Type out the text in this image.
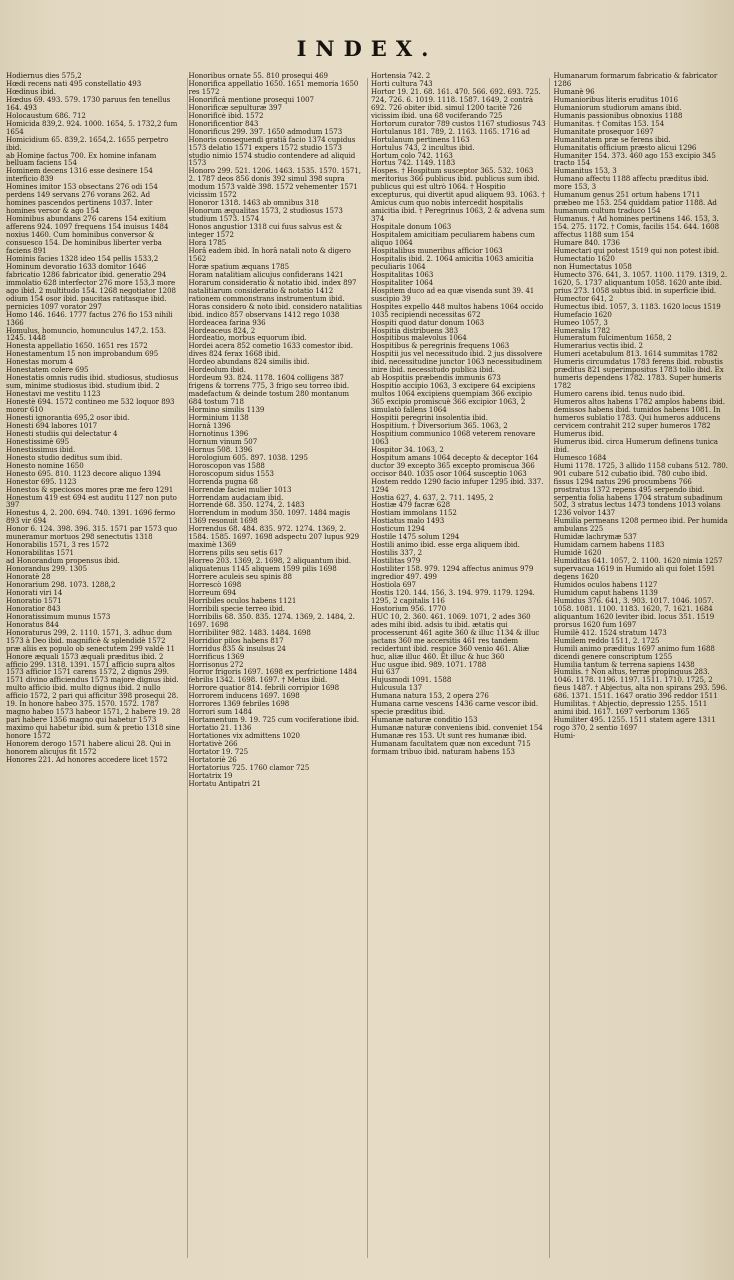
INDEX.
Hodiernus dies 575,2
Hœdi recens nati 495 constellatio 493
Hœdinus ibid.
Hœdus 69. 493. 579. 1730 paruus fen tenellus 164. 493
Holocaustum 686. 712
Homicida 839,2. 924. 1000. 1654, 5. 1732,2 fum 1654
Homicidium 65. 839,2. 1654,2. 1655 perpetro ibid.
ab Homine factus 700. Ex homine infanam belluam faciens 154
Hominem decens 1316 esse desinere 154 interficio 839
Homines imitor 153 obsectans 276 odi 154 perdens 149 servans 276 vorans 262. Ad homines pascendos pertinens 1037. Inter homines versor & ago 154
Hominibus abundans 276 carens 154 exitium afferens 924. 1097 frequens 154 inuisus 1484 noxius 1460. Cum hominibus conversor & consuesco 154. De hominibus liberter verba faciens 891
Hominis facies 1328 ideo 154 pellis 1533,2
Hominum devoratio 1633 domitor 1646 fabricatio 1286 fabricator ibid. generatio 294 immolatio 628 interfector 276 more 153,3 more ago ibid. 2 multitudo 154. 1268 negotiator 1208 odium 154 osor ibid. paucitas ratitasque ibid. pernicies 1097 vorator 297
Homo 146. 1646. 1777 factus 276 fio 153 nihili 1366
Homulus, homuncio, homunculus 147,2. 153. 1245. 1448
Honesta appellatio 1650. 1651 res 1572
Honestamentum 15 non improbandum 695
Honestas morum 4
Honestatem colere 695
Honestatis omnis rudis ibid. studiosus, studiosus sum, minime studiosus ibid. studium ibid. 2
Honestavi me vestitu 1123
Honestè 694. 1572 contineo me 532 loquor 893 moror 610
Honesti ignorantia 695,2 osor ibid.
Honesti 694 labores 1017
Honesti studiis qui delectatur 4
Honestissimè 695
Honestissimus ibid.
Honesto studio deditus sum ibid.
Honesto nomine 1650
Honesto 695. 810. 1123 decore aliquo 1394
Honestor 695. 1123
Honestos & speciosos mores præ me fero 1291
Honestum 419 est 694 est auditu 1127 non puto 397
Honestus 4, 2. 200. 694. 740. 1391. 1696 fermo 893 vir 694
Honor 6. 124. 398. 396. 315. 1571 par 1573 quo muneramur mortuos 298 senectutis 1318
Honorabilis 1571, 3 res 1572
Honorabilitas 1571
ad Honorandum propensus ibid.
Honorandus 299. 1305
Honoratè 28
Honorarium 298. 1073. 1288,2
Honorati viri 14
Honoratio 1571
Honoratior 843
Honoratissimum munus 1573
Honoratus 844
Honoraturus 299, 2. 1110. 1571, 3. adhuc dum 1573 à Deo ibid. magnificè & splendidè 1572 præ aliis ex populo ob senectutem 299 valdè 11
Honore æquali 1573 æquali præditus ibid. 2 afficio 299. 1318. 1391. 1571 afficio supra altos 1573 afficior 1571 carens 1572, 2 dignus 299. 1571 divino afficiendus 1573 majore dignus ibid. multo afficio ibid. multo dignus ibid. 2 nullo afficio 1572, 2 pari qui afficitur 398 prosequi 28. 19. In honore habeo 375. 1570. 1572. 1787 magno habeo 1573 habeor 1571, 2 habere 19. 28 pari habere 1356 magno qui habetur 1573 maximo qui habetur ibid. sum & pretio 1318 sine honore 1572
Honorem derogo 1571 habere alicui 28. Qui in honorem alicujus fit 1572
Honores 221. Ad honores accedere licet 1572
Honoribus ornate 55. 810 prosequi 469
Honorifica appellatio 1650. 1651 memoria 1650 res 1572
Honorificâ mentione prosequi 1007
Honorificæ sepulturæ 397
Honorificè ibid. 1572
Honorificentior 843
Honorificus 299. 397. 1650 admodum 1573
Honoris consequendi gratiâ facio 1374 cupidus 1573 delatio 1571 expers 1572 studio 1573 studio nimio 1574 studio contendere ad aliquid 1573
Honoro 299. 521. 1206. 1463. 1535. 1570. 1571, 2. 1787 deos 856 donis 392 simul 398 supra modum 1573 valdè 398. 1572 vehementer 1571 vicissim 1572
Honoror 1318. 1463 ab omnibus 318
Honorum æqualitas 1573, 2 studiosus 1573 studium 1573. 1574
Honos angustior 1318 cui fuus salvus est & integer 1572
Hora 1785
Horâ eadem ibid. In horâ natali noto & digero 1562
Horæ spatium æquans 1785
Horam natalitiam alicujus confiderans 1421
Horarum consideratio & notatio ibid. index 897 natalitiarum consideratio & notatio 1412 rationem commonstrans instrumentum ibid.
Horas considero & noto ibid. considero natalitias ibid. indico 857 observans 1412 rego 1038
Hordeacea farina 936
Hordeaceus 824, 2
Hordeatio, morbus equorum ibid.
Hordei acera 852 cometio 1633 comestor ibid. dives 824 ferax 1668 ibid.
Hordeo abundans 824 similis ibid.
Hordeolum ibid.
Hordeum 93. 824. 1178. 1604 colligens 387 frigens & torrens 775, 3 frigo seu torreo ibid. madefactum & deinde tostum 280 montanum 684 tostum 718
Hormino similis 1139
Horminium 1138
Hornâ 1396
Hornotinus 1396
Hornum vinum 507
Hornus 508. 1396
Horologium 605. 897. 1038. 1295
Horoscopon vas 1588
Horoscopum sidus 1553
Horrenda pugna 68
Horrendæ faciei mulier 1013
Horrendam audaciam ibid.
Horrendè 68. 350. 1274, 2. 1483
Horrendum in modum 350. 1097. 1484 magis 1369 resonuit 1698
Horrendus 68. 484. 835. 972. 1274. 1369, 2. 1584. 1585. 1697. 1698 adspectu 207 lupus 929 maximè 1369
Horrens pilis seu setis 617
Horreo 203. 1369, 2. 1698, 2 aliquantum ibid. aliquatenus 1145 aliquem 1599 pilis 1698
Horrere aculeis seu spinis 88
Horrescò 1698
Horreum 694
Horribiles oculos habens 1121
Horribili specie terreo ibid.
Horribilis 68. 350. 835. 1274. 1369, 2. 1484, 2. 1697. 1698
Horribiliter 982. 1483. 1484. 1698
Horridior pilos habens 817
Horridus 835 & insulsus 24
Horrificus 1369
Horrisonus 272
Horror frigoris 1697. 1698 ex perfrictione 1484 febrilis 1342. 1698. 1697. † Metus ibid.
Horrore quatior 814. febrili corripior 1698
Horrorem inducens 1697. 1698
Horrores 1369 febriles 1698
Horrori sum 1484
Hortamentum 9. 19. 725 cum vociferatione ibid.
Hortatio 21. 1136
Hortationes vix admittens 1020
Hortativè 266
Hortator 19. 725
Hortatoriè 26
Hortatorius 725. 1760 clamor 725
Hortatrix 19
Hortatu Antipatri 21
Hortensia 742. 2
Horti cultura 743
Hortor 19. 21. 68. 161. 470. 566. 692. 693. 725. 724, 726. 6. 1019. 1118. 1587. 1649, 2 contrà 692. 726 obiter ibid. simul 1200 tacitè 726 vicissim ibid. una 68 vociferando 725
Hortorum curator 789 custos 1167 studiosus 743
Hortulanus 181. 789, 2. 1163. 1165. 1716 ad Hortulanum pertinens 1163
Hortulus 743, 2 incultus ibid.
Hortum colo 742. 1163
Hortus 742. 1149. 1183
Hospes. † Hospitum susceptor 365. 532. 1063 meritorius 366 publicus ibid. publicus sum ibid. publicus qui est ultrò 1064. † Hospitio excepturus, qui divertit apud aliquem 93. 1063. † Amicus cum quo nobis intercedit hospitalis amicitia ibid. † Peregrinus 1063, 2 & advena sum 374
Hospitale donum 1063
Hospitalem amicitiam peculiarem habens cum aliquo 1064
Hospitalibus muneribus afficior 1063
Hospitalis ibid. 2. 1064 amicitia 1063 amicitia peculiaris 1064
Hospitalitas 1063
Hospitaliter 1064
Hospitem duco ad ea quæ visenda sunt 39. 41 suscipio 39
Hospites expello 448 multos habens 1064 occido 1035 recipiendi necessitas 672
Hospiti quod datur donum 1063
Hospitia distribuens 383
Hospitibus malevolus 1064
Hospitibus & peregrinis frequens 1063
Hospitii jus vel necessitudo ibid. 2 jus dissolvere ibid. necessitudine junctor 1063 necessitudinem inire ibid. necessitudo publica ibid.
ab Hospitiis præbendis immunis 673
Hospitio accipio 1063, 3 excipere 64 excipiens multos 1064 excipiens quempiam 366 excipio 365 excipio promiscuè 366 excipior 1063, 2 simulatò fallens 1064
Hospitii peregrini insolentia ibid.
Hospitium. † Diversorium 365. 1063, 2
Hospitium communico 1068 veterem renovare 1063
Hospitor 34. 1063, 2
Hospitum amans 1064 decepto & deceptor 164 ductor 39 excepto 365 excepto promiscua 366 occisor 840. 1035 osor 1064 susceptio 1063
Hostem reddo 1290 facio infuper 1295 ibid. 337. 1294
Hostia 627, 4. 637, 2. 711. 1495, 2
Hostiæ 479 facræ 628
Hostiam immolans 1152
Hostiatus malo 1493
Hosticum 1294
Hostile 1475 solum 1294
Hostili animo ibid. esse erga aliquem ibid.
Hostilis 337, 2
Hostilitas 979
Hostiliter 158. 979. 1294 affectus animus 979 ingredior 497. 499
Hostiola 697
Hostis 120. 144. 156, 3. 194. 979. 1179. 1294. 1295, 2 capitalis 116
Hostorium 956. 1770
HUC 10, 2. 360. 461. 1069. 1071, 2 ades 360 ades mihi ibid. adsis tu ibid. ætatis qui processerunt 461 agite 360 & illuc 1134 & illuc jactans 360 me accersitis 461 res tandem recidertunt ibid. respice 360 venio 461. Aliæ huc, aliæ illuc 460. Et illuc & huc 360
Huc usque ibid. 989. 1071. 1788
Hui 637
Hujusmodi 1091. 1588
Hulcusula 137
Humana natura 153, 2 opera 276
Humana carne vescens 1436 carne vescor ibid. specie præditus ibid.
Humanæ naturæ conditio 153
Humanæ naturæ conveniens ibid. conveniet 154
Humanæ res 153. Ut sunt res humanæ ibid.
Humanam facultatem quæ non excedunt 715 formam tribuo ibid. naturam habens 153
Humanarum formarum fabricatio & fabricator 1286
Humanè 96
Humanioribus literis eruditus 1016
Humaniorum studiorum amans ibid.
Humanis passionibus obnoxius 1188
Humanitas. † Comitas 153. 154
Humanitate prosequor 1697
Humanitatem præ se ferens ibid.
Humanitatis officium præsto alicui 1296
Humaniter 154. 373. 460 ago 153 excipio 345 tracto 154
Humanitus 153, 3
Humano affectu 1188 affectu præditus ibid. more 153, 3
Humanum genus 251 ortum habens 1711 præbeo me 153. 254 quiddam patior 1188. Ad humanum cultum traduco 154
Humanus. † Ad homines pertinens 146. 153, 3. 154. 275. 1172. † Comis, facilis 154. 644. 1608 affectus 1188 sum 154
Humare 840. 1736
Humectari qui potest 1519 qui non potest ibid.
Humectatio 1620
non Humectatus 1058
Humecto 376. 641, 3. 1057. 1100. 1179. 1319, 2. 1620, 5. 1737 aliquantum 1058. 1620 ante ibid. prius 273. 1058 subtus ibid. in superficie ibid.
Humector 641, 2
Humectus ibid. 1057, 3. 1183. 1620 locus 1519
Humefacio 1620
Humeo 1057, 3
Humeralis 1782
Humeratum fulcimentum 1658, 2
Humerarius vectis ibid. 2
Humeri acetabulum 813. 1614 summitas 1782
Humeris circumdatus 1783 ferens ibid. robustis præditus 821 superimpositus 1783 tollo ibid. Ex humeris dependens 1782. 1783. Super humeris 1782
Humero carens ibid. tenus nudo ibid.
Humeros altos habens 1782 amplos habens ibid. demissos habens ibid. tumidos habens 1081. In humeros sublatio 1783. Qui humeros adducens cervicem contrahit 212 super humeros 1782
Humerus ibid.
Humerus ibid. circa Humerum definens tunica ibid.
Humesco 1684
Humi 1178. 1725, 3 allido 1158 cubans 512. 780. 901 cubare 512 cubatio ibid. 780 cubo ibid. fissus 1294 natus 296 procumbens 766 prostratus 1372 repens 495 serpendo ibid. serpentia folia habens 1704 stratum subadinum 502, 3 stratus lectus 1473 tondens 1013 volans 1236 volvor 1437
Humilia permeans 1208 permeo ibid. Per humida ambulans 225
Humidæ lachrymæ 537
Humidam carnem habens 1183
Humidè 1620
Humiditas 641. 1057, 2. 1100. 1620 nimia 1257 supervacua 1619 in Humido ali qui folet 1591 degens 1620
Humidos oculos habens 1127
Humidum caput habens 1139
Humidus 376. 641, 3. 903. 1017. 1046. 1057. 1058. 1081. 1100. 1183. 1620, 7. 1621. 1684 aliquantum 1620 leviter ibid. locus 351. 1519 prorsus 1620 fum 1697
Humilè 412. 1524 stratum 1473
Humilem reddo 1511, 2. 1725
Humili animo præditus 1697 animo fum 1688 dicendi genere conscriptum 1255
Humilia tantum & terrena sapiens 1438
Humilis. † Non altus, terræ propinquus 283. 1046. 1178. 1196. 1197. 1511. 1710. 1725, 2 fieus 1487. † Abjectus, alta non spirans 293. 596. 686. 1371. 1511. 1647 oratio 396 reddor 1511
Humilitas. † Abjectio, depressio 1255. 1511 animi ibid. 1617. 1697 verborum 1365
Humiliter 495. 1255. 1511 statem agere 1311 rogo 370, 2 sentio 1697
Humi-
